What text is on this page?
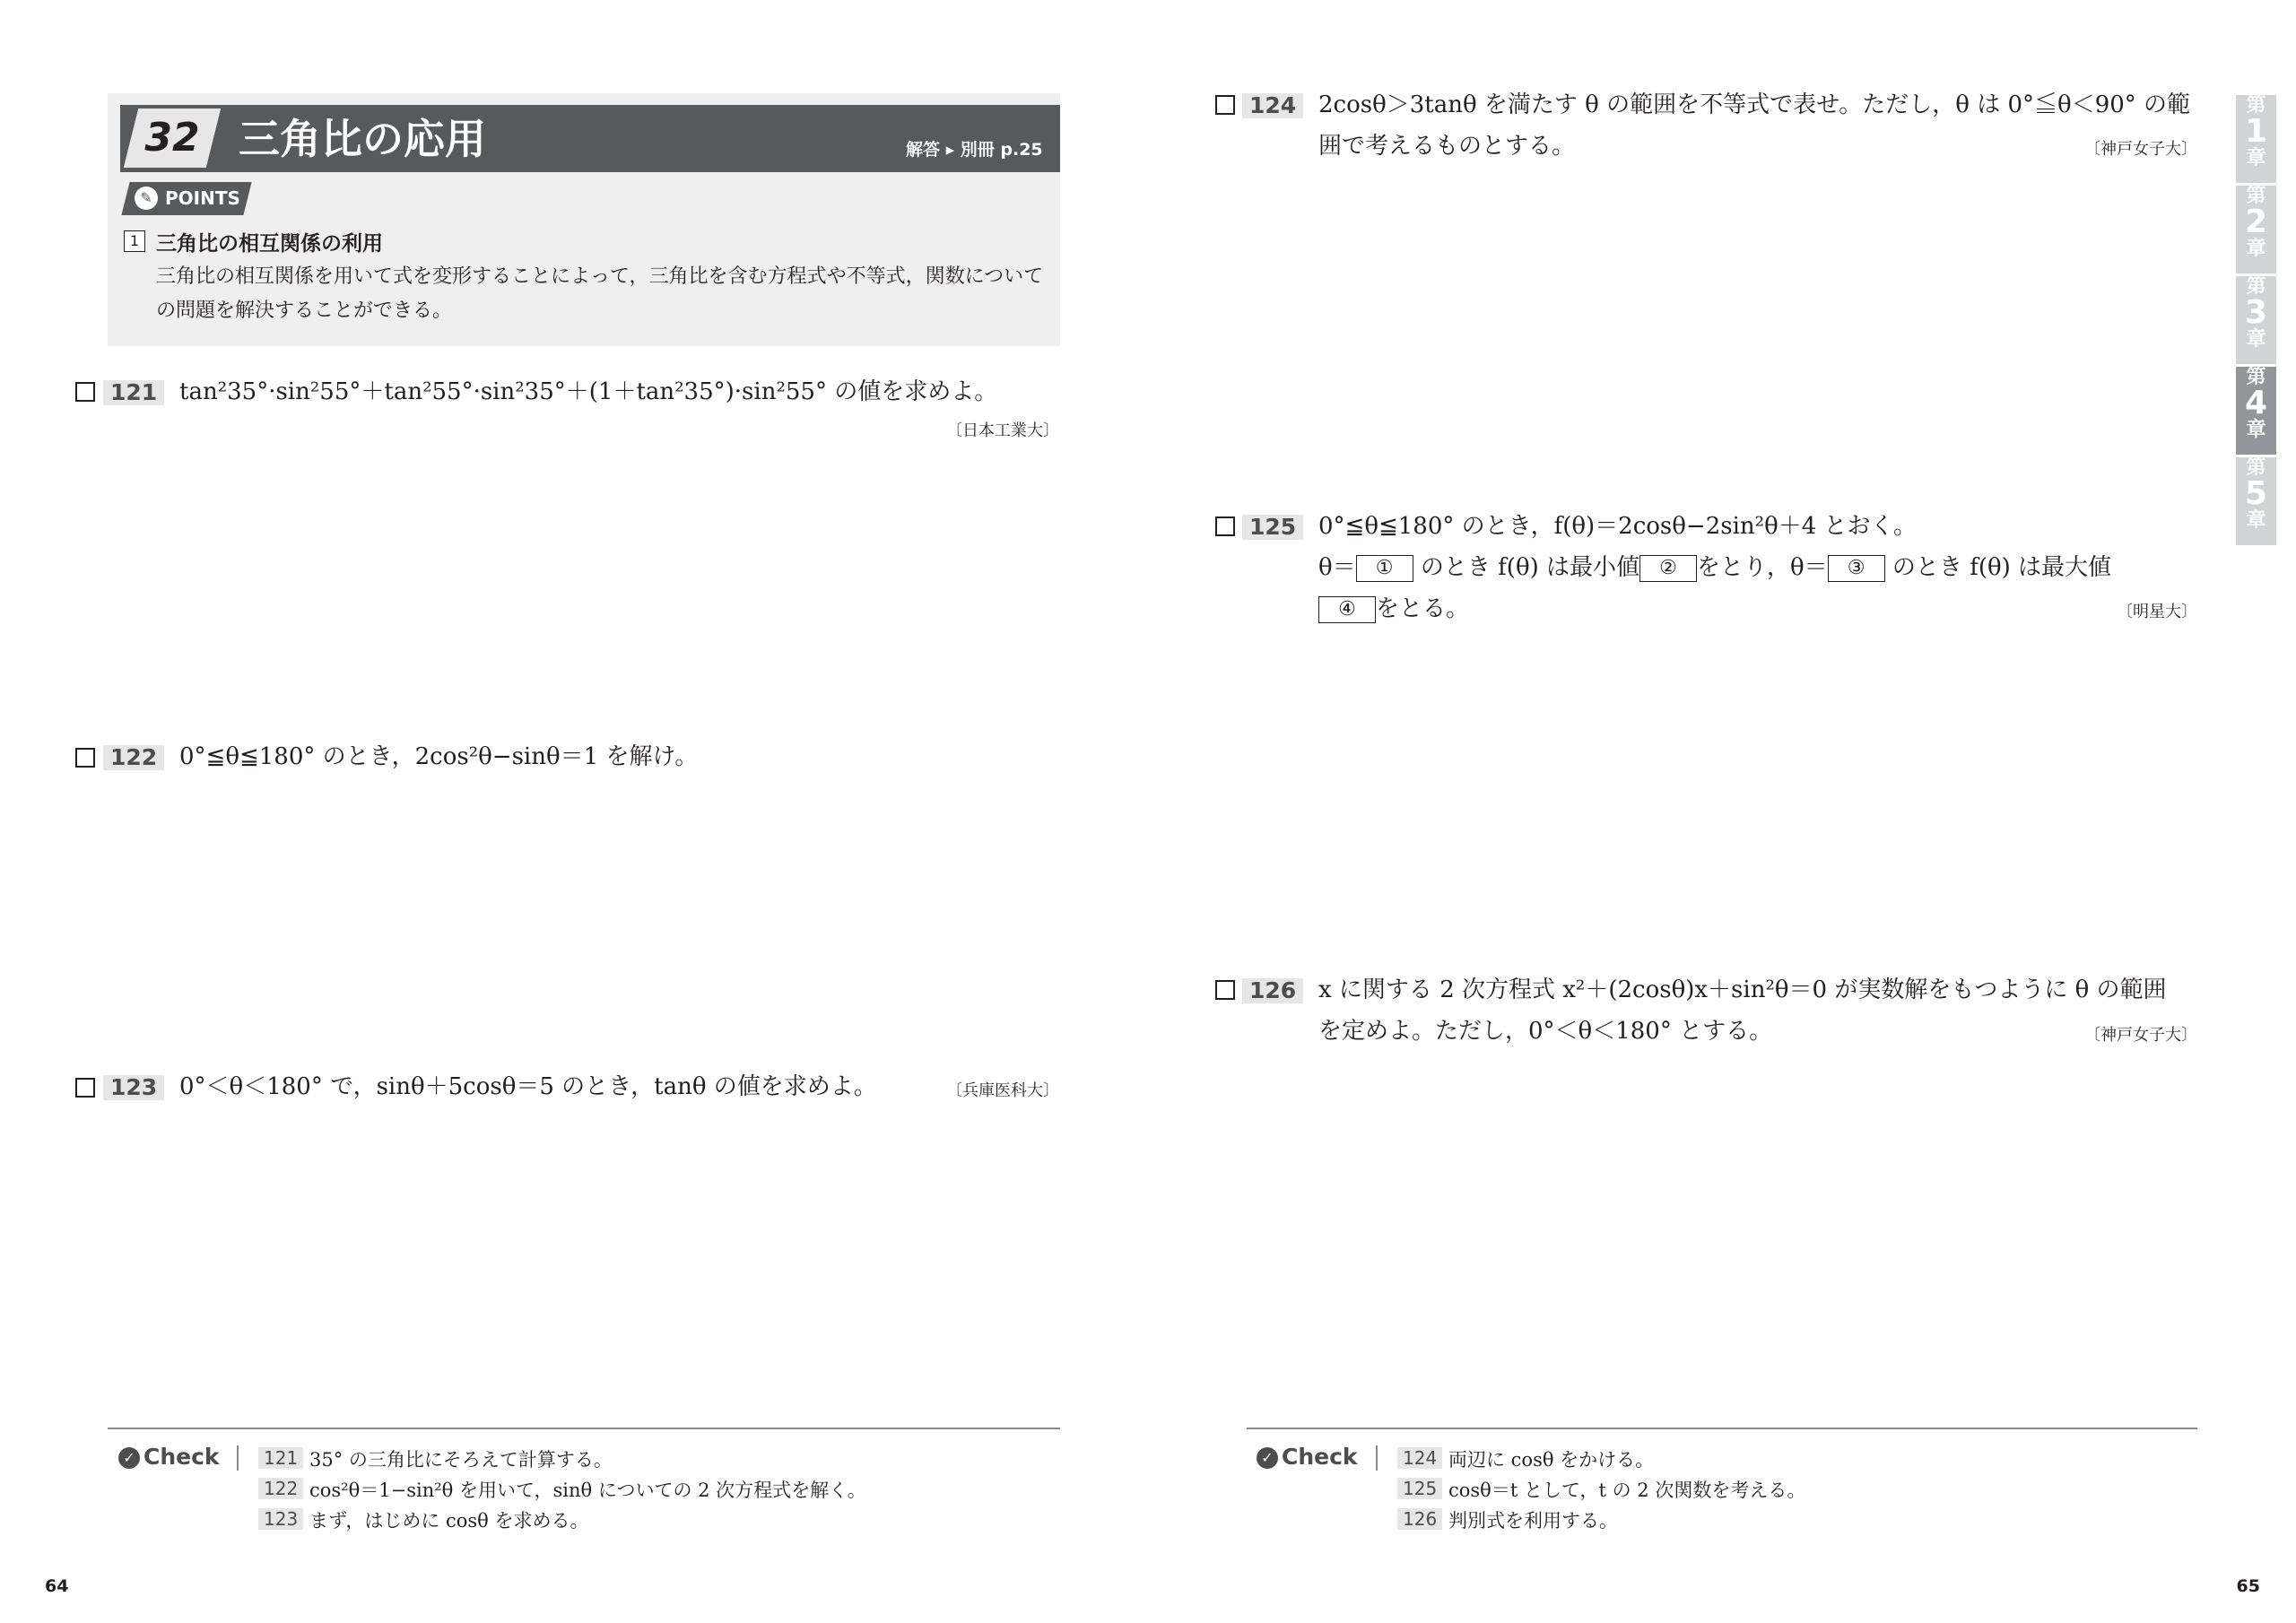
32 三角比の応用	解答 ▸ 別冊 p.25
✎ POINTS
1 三角比の相互関係の利用
三角比の相互関係を用いて式を変形することによって，三角比を含む方程式や不等式，関数についての問題を解決することができる。
121 tan²35°·sin²55°＋tan²55°·sin²35°＋(1＋tan²35°)·sin²55° の値を求めよ。
〔日本工業大〕
122 0°≦θ≦180° のとき，2cos²θ−sinθ＝1 を解け。
123 0°＜θ＜180° で，sinθ＋5cosθ＝5 のとき，tanθ の値を求めよ。	〔兵庫医科大〕
✓ Check	121 35° の三角比にそろえて計算する。
122 cos²θ＝1−sin²θ を用いて，sinθ についての 2 次方程式を解く。
123 まず，はじめに cosθ を求める。
64
124 2cosθ＞3tanθ を満たす θ の範囲を不等式で表せ。ただし，θ は 0°≦θ＜90° の範
囲で考えるものとする。	〔神戸女子大〕
125 0°≦θ≦180° のとき，f(θ)＝2cosθ−2sin²θ＋4 とおく。
θ＝ ① のとき f(θ) は最小値 ② をとり，θ＝ ③ のとき f(θ) は最大値
④ をとる。	〔明星大〕
126 x に関する 2 次方程式 x²＋(2cosθ)x＋sin²θ＝0 が実数解をもつように θ の範囲
を定めよ。ただし，0°＜θ＜180° とする。	〔神戸女子大〕
✓ Check	124 両辺に cosθ をかける。
125 cosθ＝t として，t の 2 次関数を考える。
126 判別式を利用する。
65
第
1
章
第
2
章
第
3
章
第
4
章
第
5
章
